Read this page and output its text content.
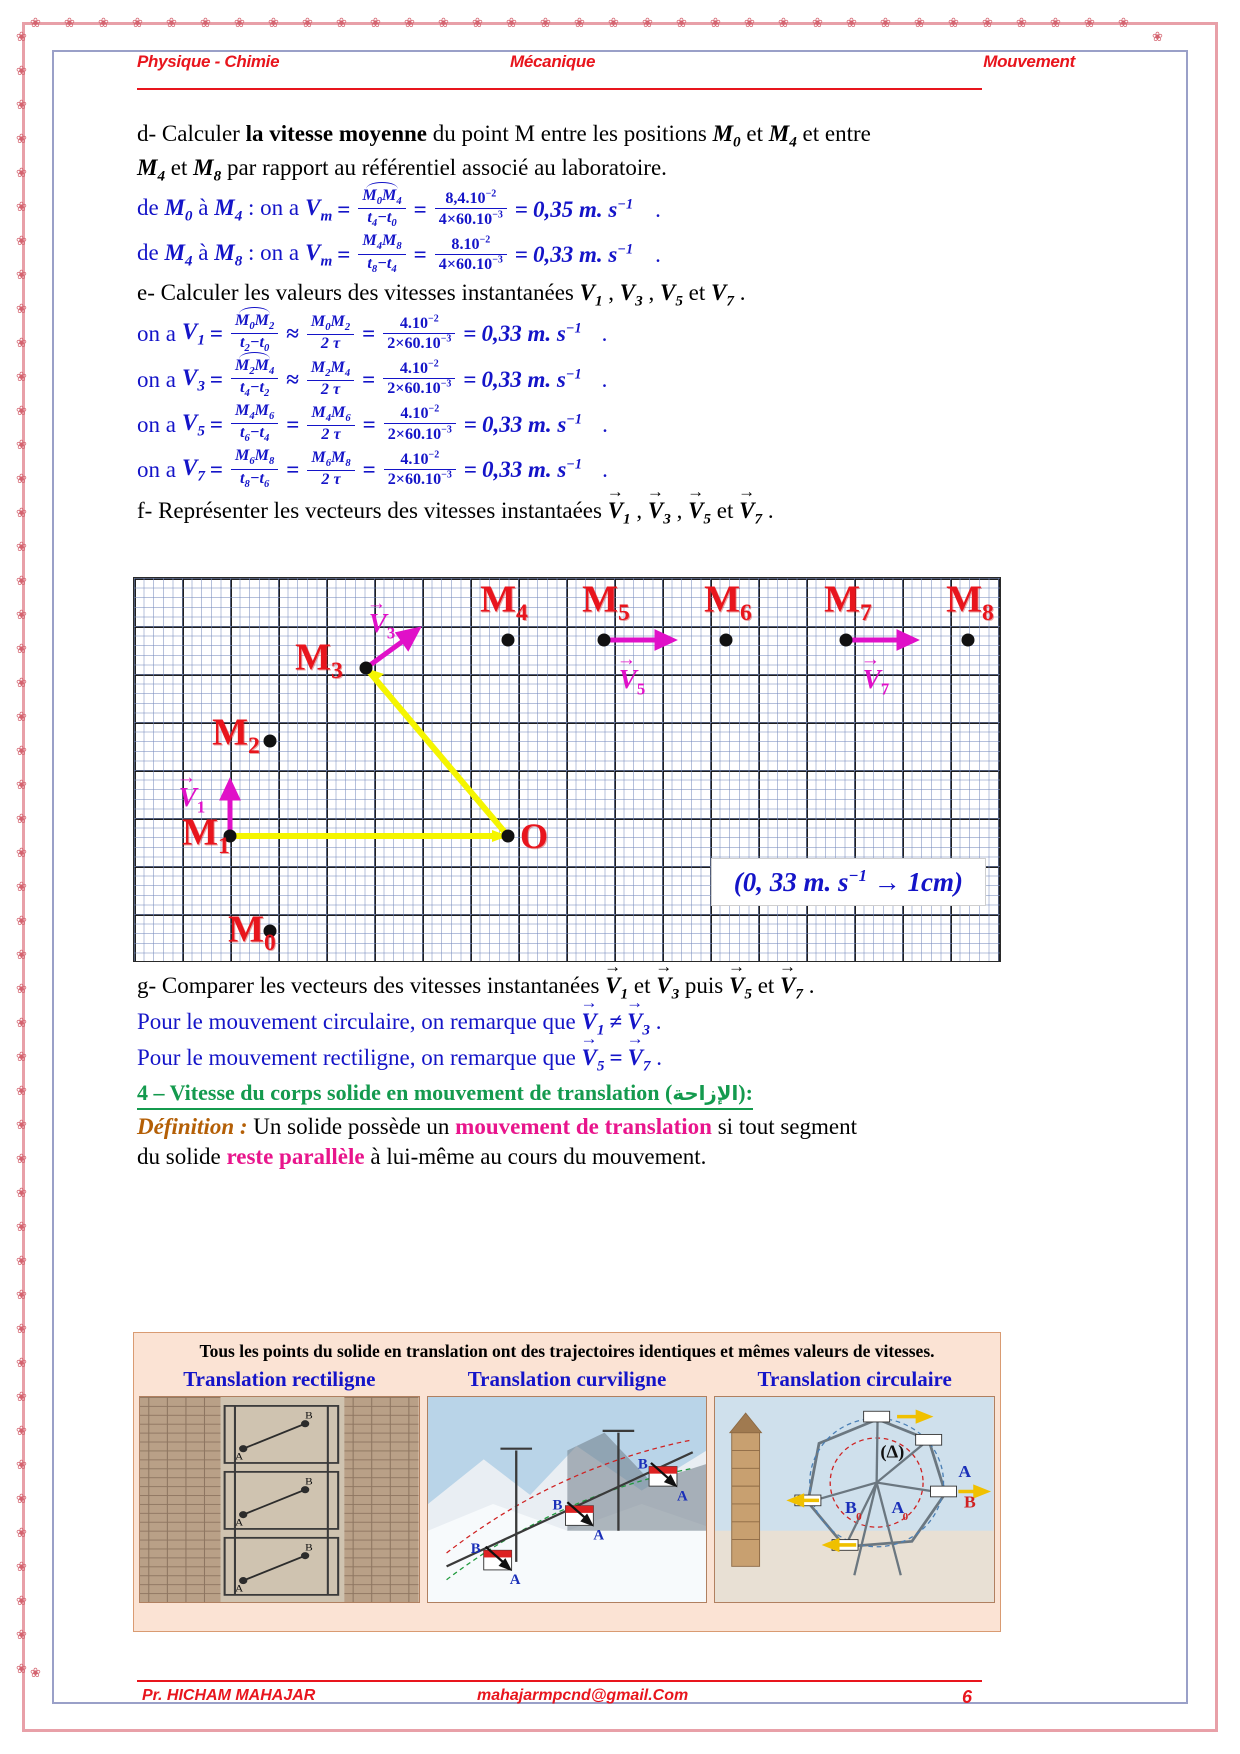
❀
❀
❀ ❀ ❀ ❀ ❀ ❀ ❀ ❀ ❀ ❀ ❀ ❀ ❀ ❀ ❀ ❀ ❀ ❀ ❀ ❀ ❀ ❀ ❀ ❀ ❀ ❀ ❀ ❀ ❀ ❀ ❀ ❀
❀	❀
❀
❀
❀
❀
❀
❀
❀
❀
❀
❀
❀
❀
❀
❀
❀
❀
❀
❀
❀
❀
❀
❀
❀
❀
❀
❀
❀
❀
❀
❀
❀
❀
❀
❀
❀
❀
❀
❀
❀
❀
❀
❀
❀
❀
❀
❀
❀
❀
Physique - Chimie	Mécanique	Mouvement
d- Calculer la vitesse moyenne du point M entre les positions $M_0$ et $M_4$ et entre
$M_4$ et $M_8$ par rapport au référentiel associé au laboratoire.
de $M_0$ à $M_4$ : on a $V_m = \frac{M_0M_4}{t_4-t_0} = \frac{8,4.10^{-2}}{4\times 60.10^{-3}} = 0,35$ m. $s^{-1}$ .
de $M_4$ à $M_8$ : on a $V_m = \frac{M_4M_8}{t_8-t_4} = \frac{8.10^{-2}}{4\times 60.10^{-3}} = 0,33$ m. $s^{-1}$ .
e- Calculer les valeurs des vitesses instantanées $V_1$ , $V_3$ , $V_5$ et $V_7$ .
on a $V_1 = \frac{M_0M_2}{t_2-t_0} \approx \frac{M_0M_2}{2 \tau} = \frac{4.10^{-2}}{2\times 60.10^{-3}} = 0,33$ m. $s^{-1}$ .
on a $V_3 = \frac{M_2M_4}{t_4-t_2} \approx \frac{M_2M_4}{2 \tau} = \frac{4.10^{-2}}{2\times 60.10^{-3}} = 0,33$ m. $s^{-1}$ .
on a $V_5 = \frac{M_4M_6}{t_6-t_4} = \frac{M_4M_6}{2 \tau} = \frac{4.10^{-2}}{2\times 60.10^{-3}} = 0,33$ m. $s^{-1}$ .
on a $V_7 = \frac{M_6M_8}{t_8-t_6} = \frac{M_6M_8}{2 \tau} = \frac{4.10^{-2}}{2\times 60.10^{-3}} = 0,33$ m. $s^{-1}$ .
f- Représenter les vecteurs des vitesses instantaées → $V_1$ , → $V_3$ , → $V_5$ et → $V_7$ .
$M_0$
$M_1$
$M_2$
$M_3$
$M_4$ $M_5$ $M_6$ $M_7$ $M_8$
O
→ $V_1$
→ $V_3$
→ $V_5$	→ $V_7$
(0, 33 m. $s^{-1} \to 1cm$)
g- Comparer les vecteurs des vitesses instantanées → $V_1$ et → $V_3$ puis → $V_5$ et → $V_7$ .
Pour le mouvement circulaire, on remarque que → $V_1$ ≠ → $V_3$ .
Pour le mouvement rectiligne, on remarque que → $V_5$ = → $V_7$ .
4 – Vitesse du corps solide en mouvement de translation (الإزاحة):
Définition : Un solide possède un mouvement de translation si tout segment
du solide reste parallèle à lui-même au cours du mouvement.
Tous les points du solide en translation ont des trajectoires identiques et mêmes valeurs de vitesses.
Translation rectiligne
A
B
A
B
A
B
Translation curviligne
B
A
B
A
B
A
Translation circulaire
(Δ)
B
0
A
0
A
B
Pr. HICHAM MAHAJAR	mahajarmpcnd@gmail.Com	6
